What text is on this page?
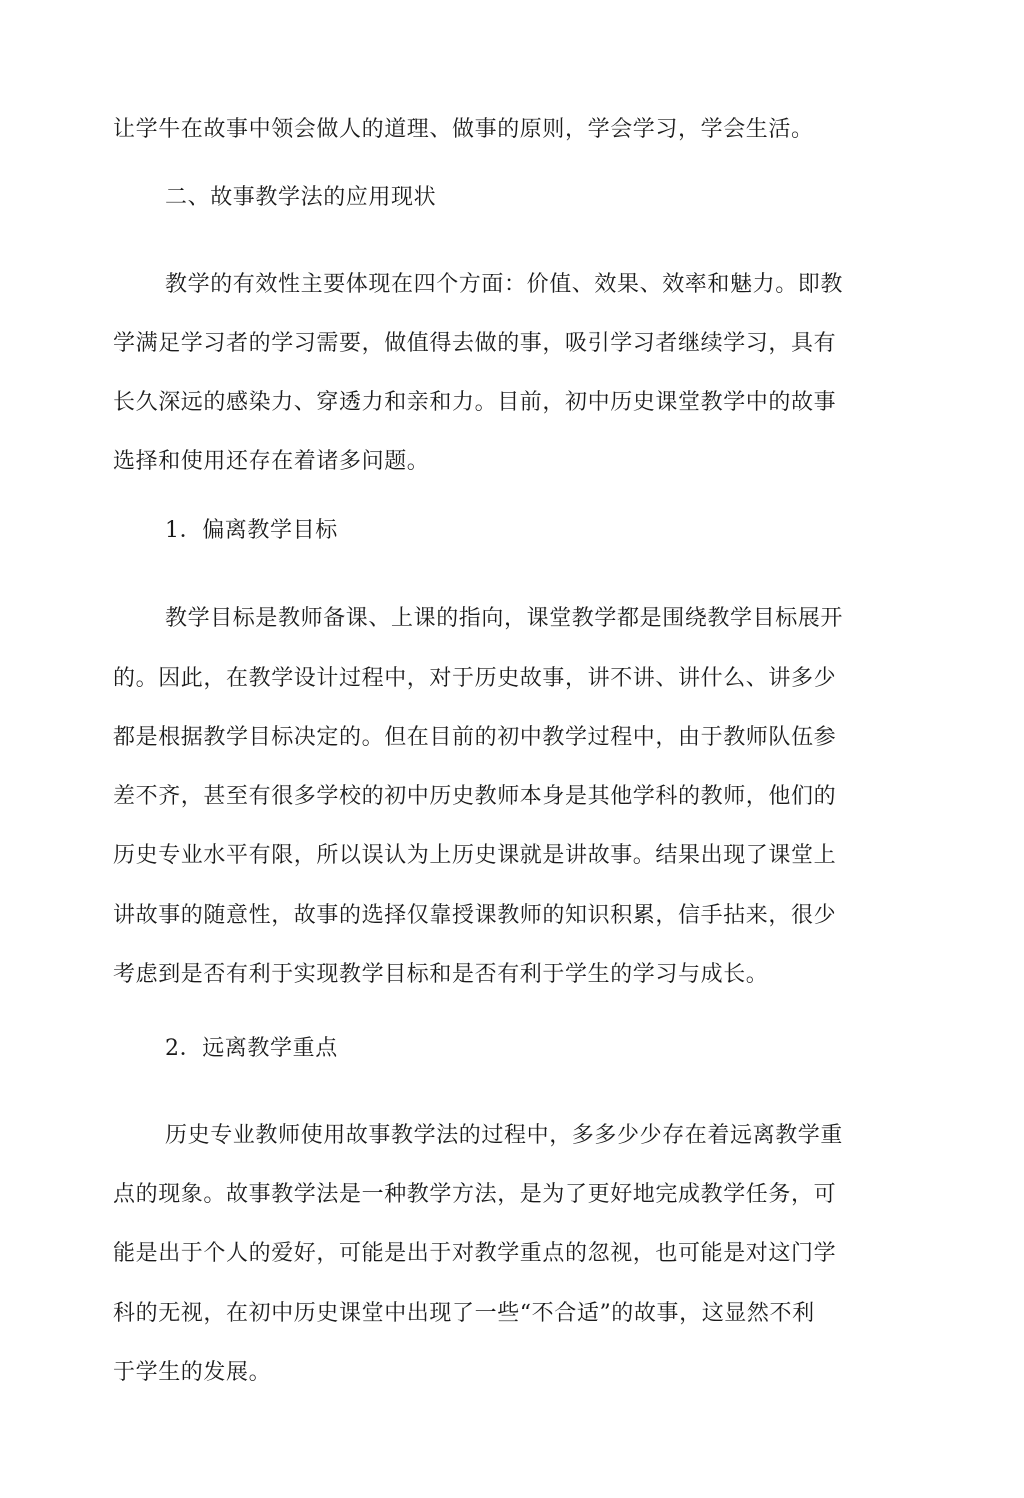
让学牛在故事中领会做人的道理、做事的原则，学会学习，学会生活。
二、故事教学法的应用现状
教学的有效性主要体现在四个方面：价值、效果、效率和魅力。即教
学满足学习者的学习需要，做值得去做的事，吸引学习者继续学习，具有
长久深远的感染力、穿透力和亲和力。目前，初中历史课堂教学中的故事
选择和使用还存在着诸多问题。
1．偏离教学目标
教学目标是教师备课、上课的指向，课堂教学都是围绕教学目标展开
的。因此，在教学设计过程中，对于历史故事，讲不讲、讲什么、讲多少
都是根据教学目标决定的。但在目前的初中教学过程中，由于教师队伍参
差不齐，甚至有很多学校的初中历史教师本身是其他学科的教师，他们的
历史专业水平有限，所以误认为上历史课就是讲故事。结果出现了课堂上
讲故事的随意性，故事的选择仅靠授课教师的知识积累，信手拈来，很少
考虑到是否有利于实现教学目标和是否有利于学生的学习与成长。
2．远离教学重点
历史专业教师使用故事教学法的过程中，多多少少存在着远离教学重
点的现象。故事教学法是一种教学方法，是为了更好地完成教学任务，可
能是出于个人的爱好，可能是出于对教学重点的忽视，也可能是对这门学
科的无视，在初中历史课堂中出现了一些“不合适”的故事，这显然不利
于学生的发展。
